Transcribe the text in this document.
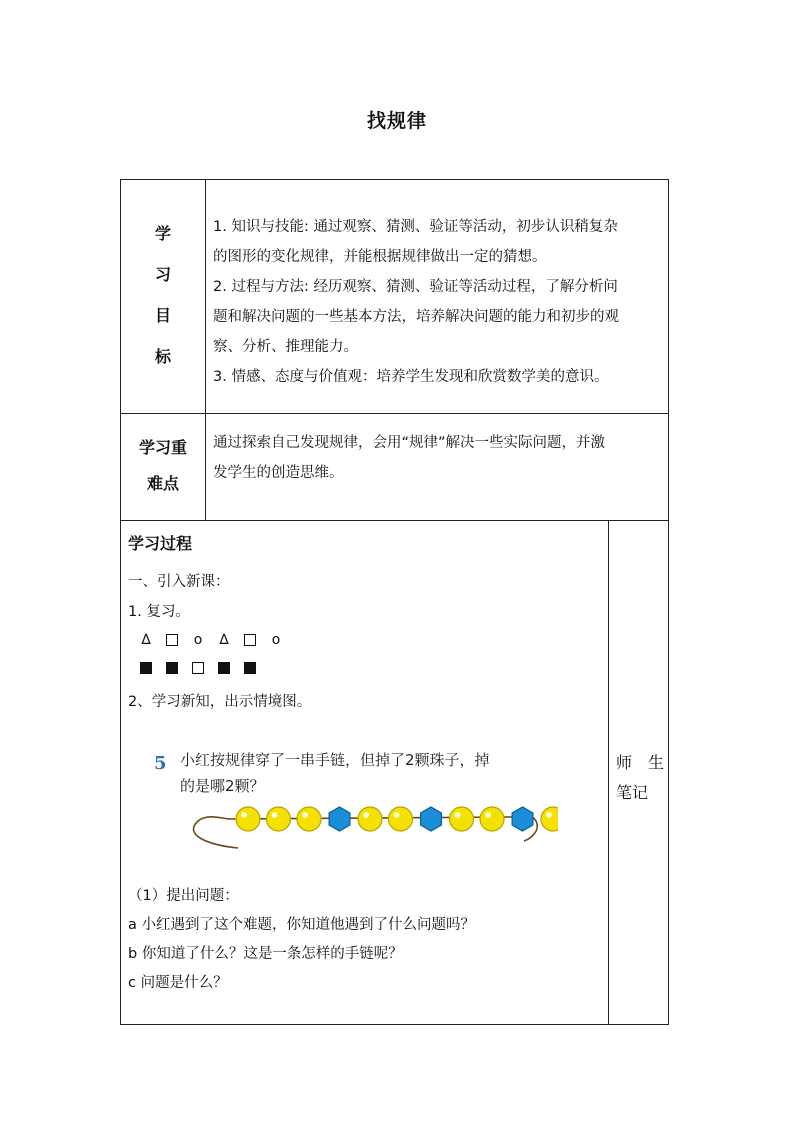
找规律
学
习
目
标
1. 知识与技能: 通过观察、猜测、验证等活动，初步认识稍复杂
的图形的变化规律，并能根据规律做出一定的猜想。
2. 过程与方法: 经历观察、猜测、验证等活动过程，了解分析问
题和解决问题的一些基本方法，培养解决问题的能力和初步的观
察、分析、推理能力。
3. 情感、态度与价值观：培养学生发现和欣赏数学美的意识。
学习重
难点
通过探索自己发现规律，会用“规律”解决一些实际问题，并激
发学生的创造思维。
学习过程
一、引入新课：
1. 复习。
∆	o ∆	o
2、学习新知，出示情境图。
5 小红按规律穿了一串手链，但掉了2颗珠子，掉
的是哪2颗？
（1）提出问题：
a 小红遇到了这个难题，你知道他遇到了什么问题吗？
b 你知道了什么？这是一条怎样的手链呢？
c 问题是什么？
师　生
笔记
